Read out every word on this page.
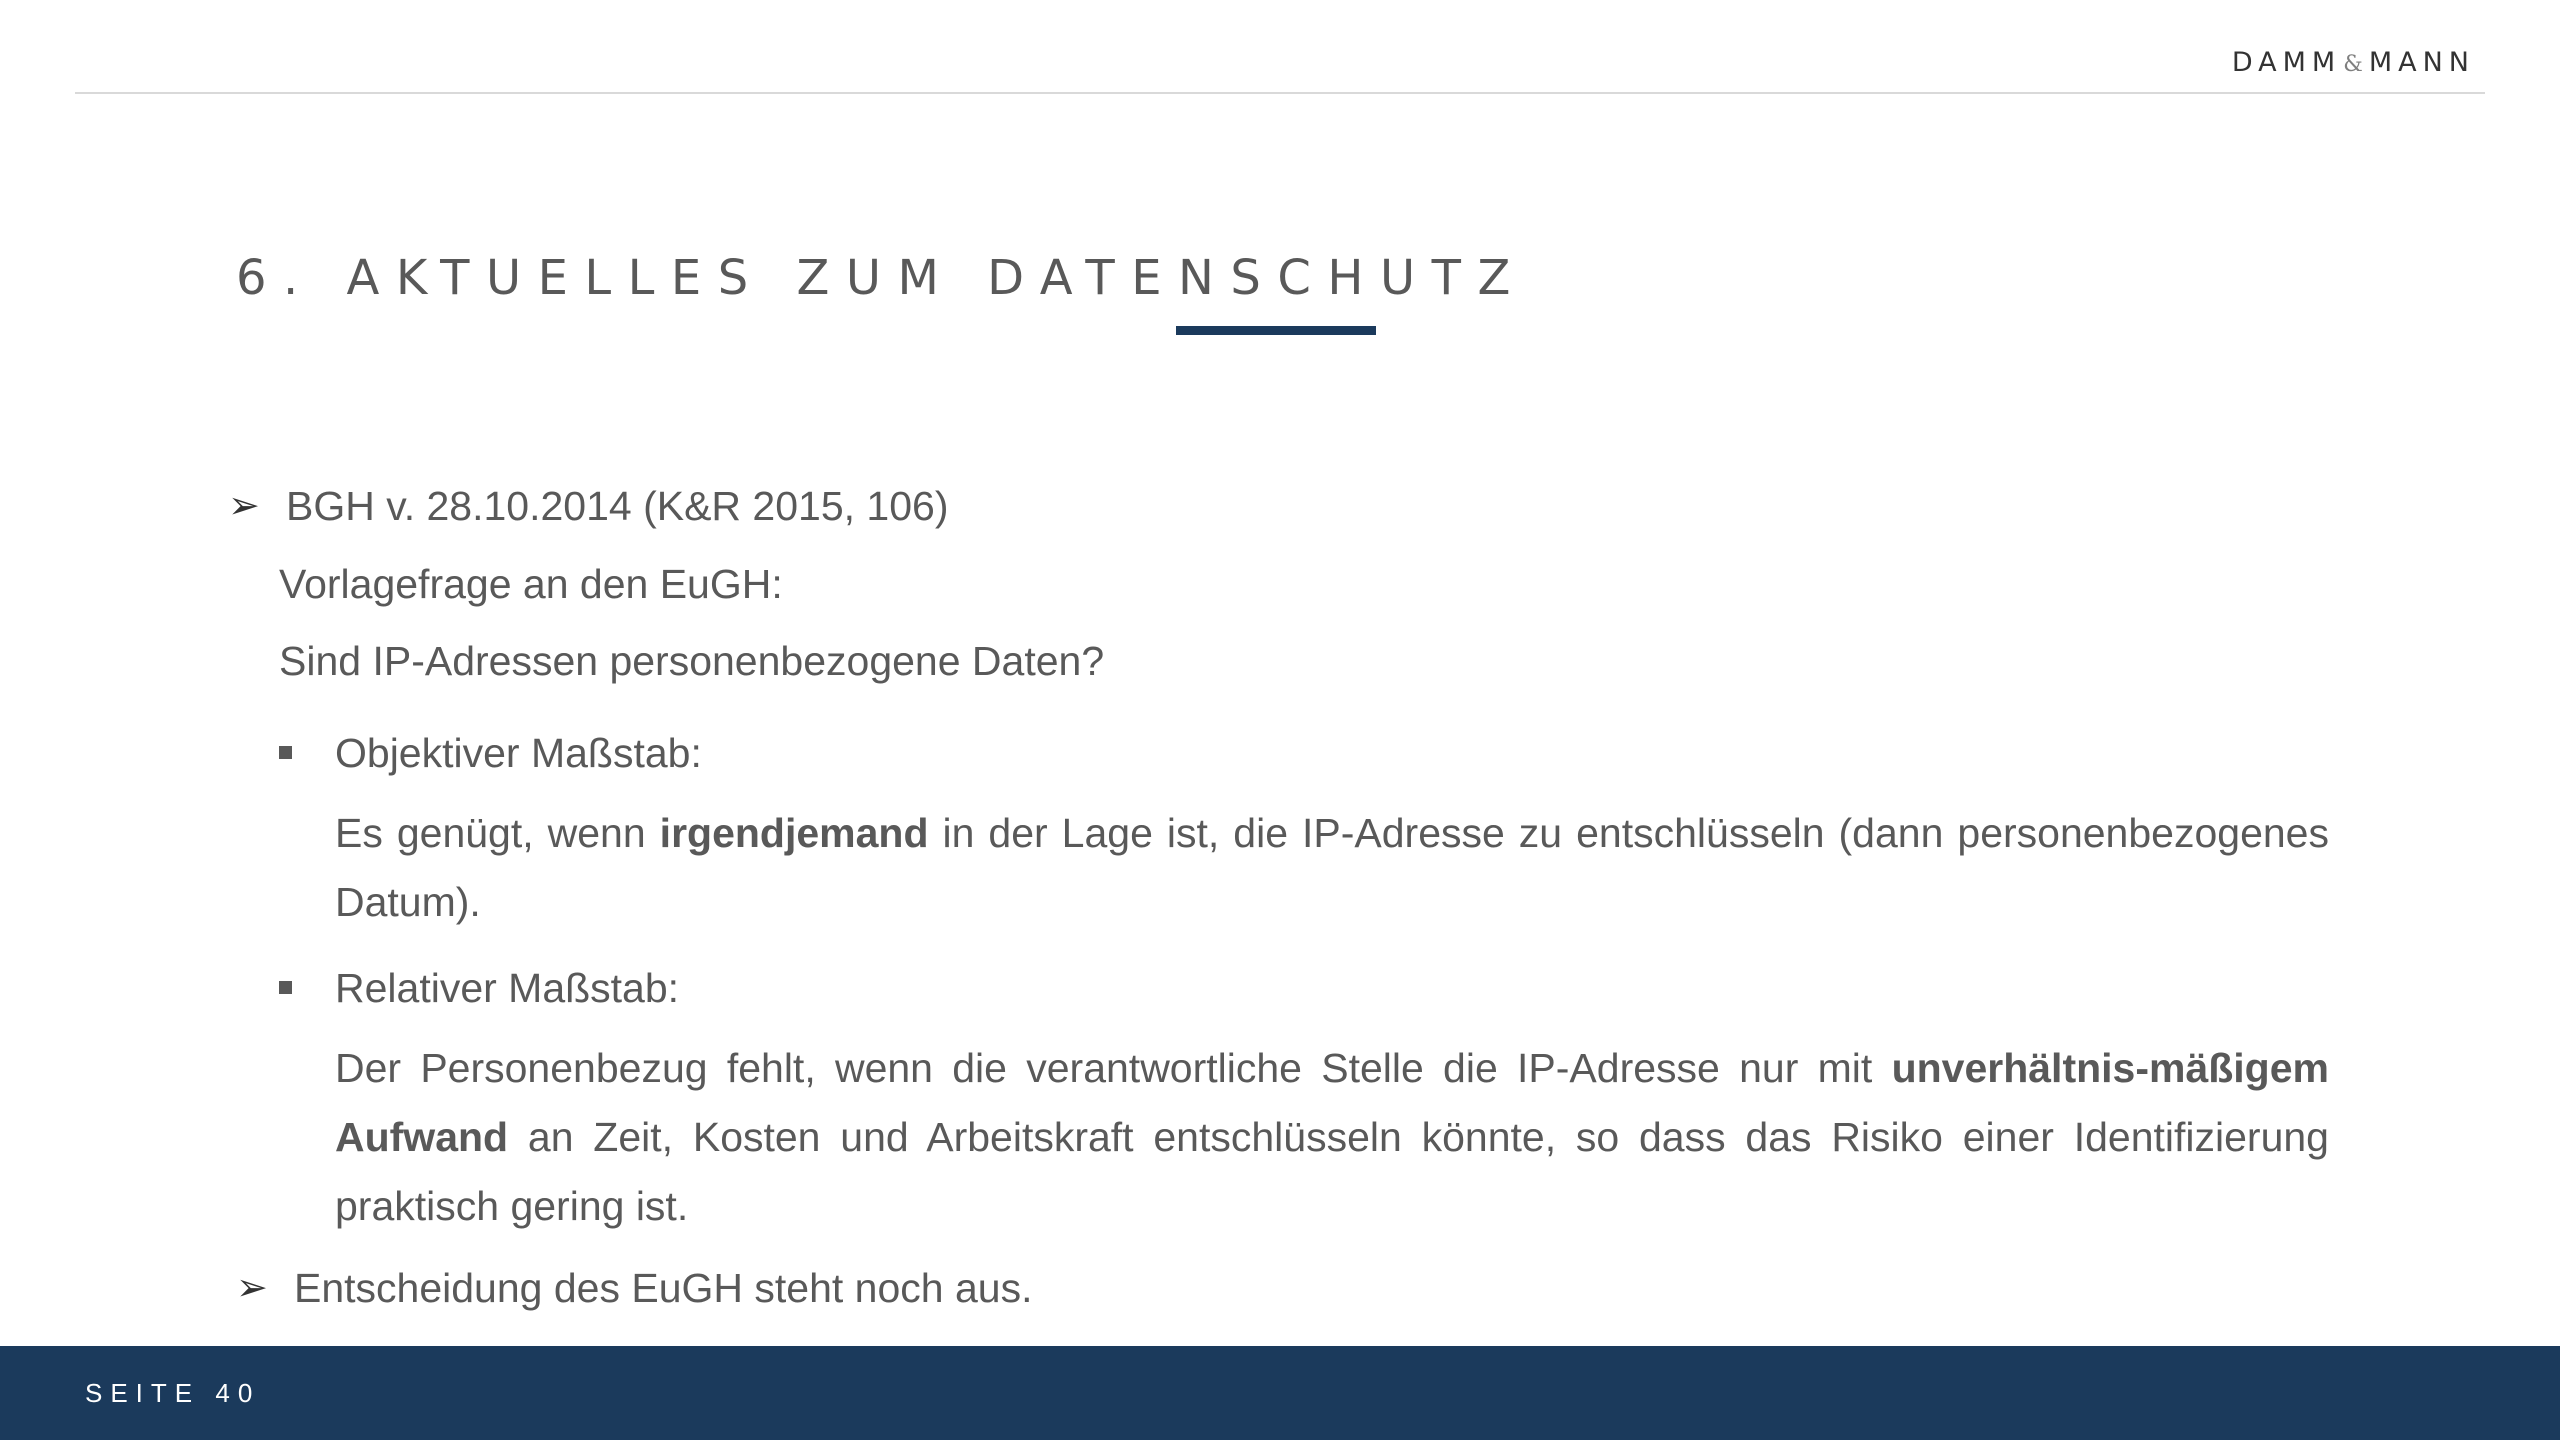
DAMM&MANN
6. AKTUELLES ZUM DATENSCHUTZ
➢ BGH v. 28.10.2014 (K&R 2015, 106)
Vorlagefrage an den EuGH:
Sind IP-Adressen personenbezogene Daten?
Objektiver Maßstab:
Es genügt, wenn irgendjemand in der Lage ist, die IP-Adresse zu entschlüsseln (dann personenbezogenes Datum).
Relativer Maßstab:
Der Personenbezug fehlt, wenn die verantwortliche Stelle die IP-Adresse nur mit unverhältnis-mäßigem Aufwand an Zeit, Kosten und Arbeitskraft entschlüsseln könnte, so dass das Risiko einer Identifizierung praktisch gering ist.
➢ Entscheidung des EuGH steht noch aus.
SEITE 40
